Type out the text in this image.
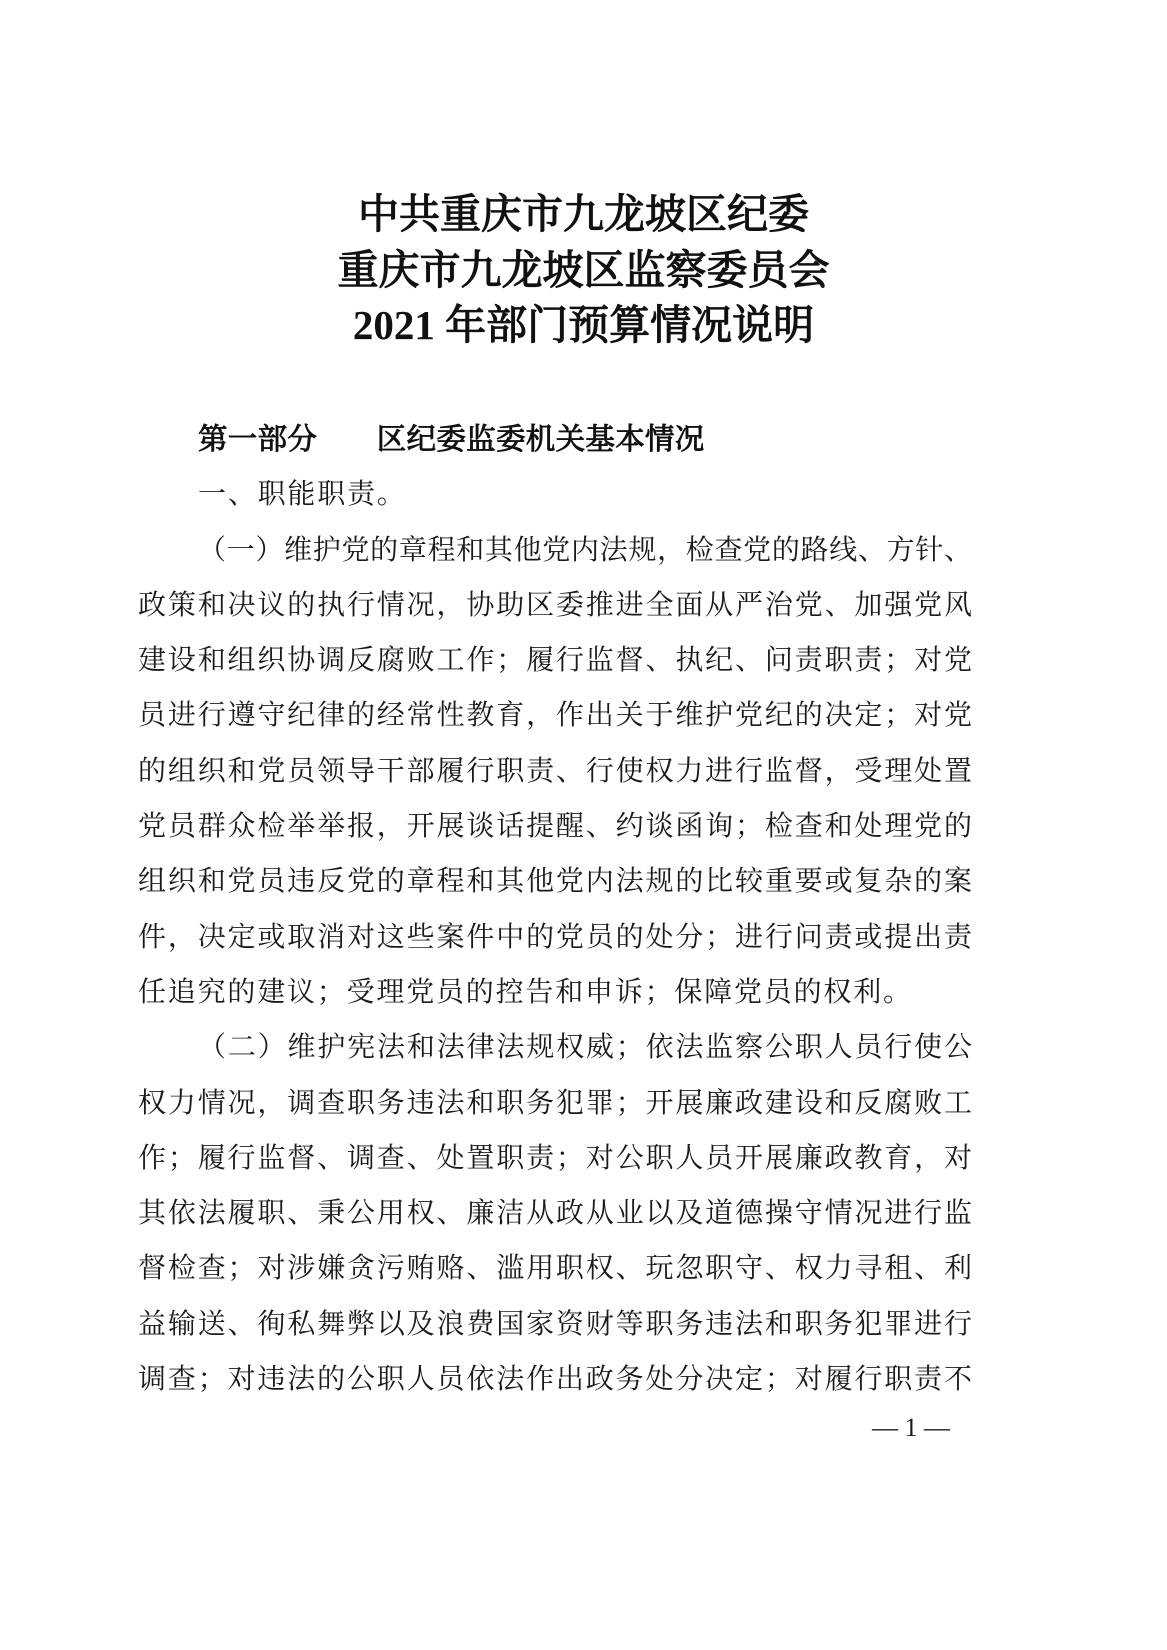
中共重庆市九龙坡区纪委
重庆市九龙坡区监察委员会
2021 年部门预算情况说明
第一部分　　区纪委监委机关基本情况
一、职能职责。
（一）维护党的章程和其他党内法规，检查党的路线、方针、
政策和决议的执行情况，协助区委推进全面从严治党、加强党风
建设和组织协调反腐败工作；履行监督、执纪、问责职责；对党
员进行遵守纪律的经常性教育，作出关于维护党纪的决定；对党
的组织和党员领导干部履行职责、行使权力进行监督，受理处置
党员群众检举举报，开展谈话提醒、约谈函询；检查和处理党的
组织和党员违反党的章程和其他党内法规的比较重要或复杂的案
件，决定或取消对这些案件中的党员的处分；进行问责或提出责
任追究的建议；受理党员的控告和申诉；保障党员的权利。
（二）维护宪法和法律法规权威；依法监察公职人员行使公
权力情况，调查职务违法和职务犯罪；开展廉政建设和反腐败工
作；履行监督、调查、处置职责；对公职人员开展廉政教育，对
其依法履职、秉公用权、廉洁从政从业以及道德操守情况进行监
督检查；对涉嫌贪污贿赂、滥用职权、玩忽职守、权力寻租、利
益输送、徇私舞弊以及浪费国家资财等职务违法和职务犯罪进行
调查；对违法的公职人员依法作出政务处分决定；对履行职责不
— 1 —
